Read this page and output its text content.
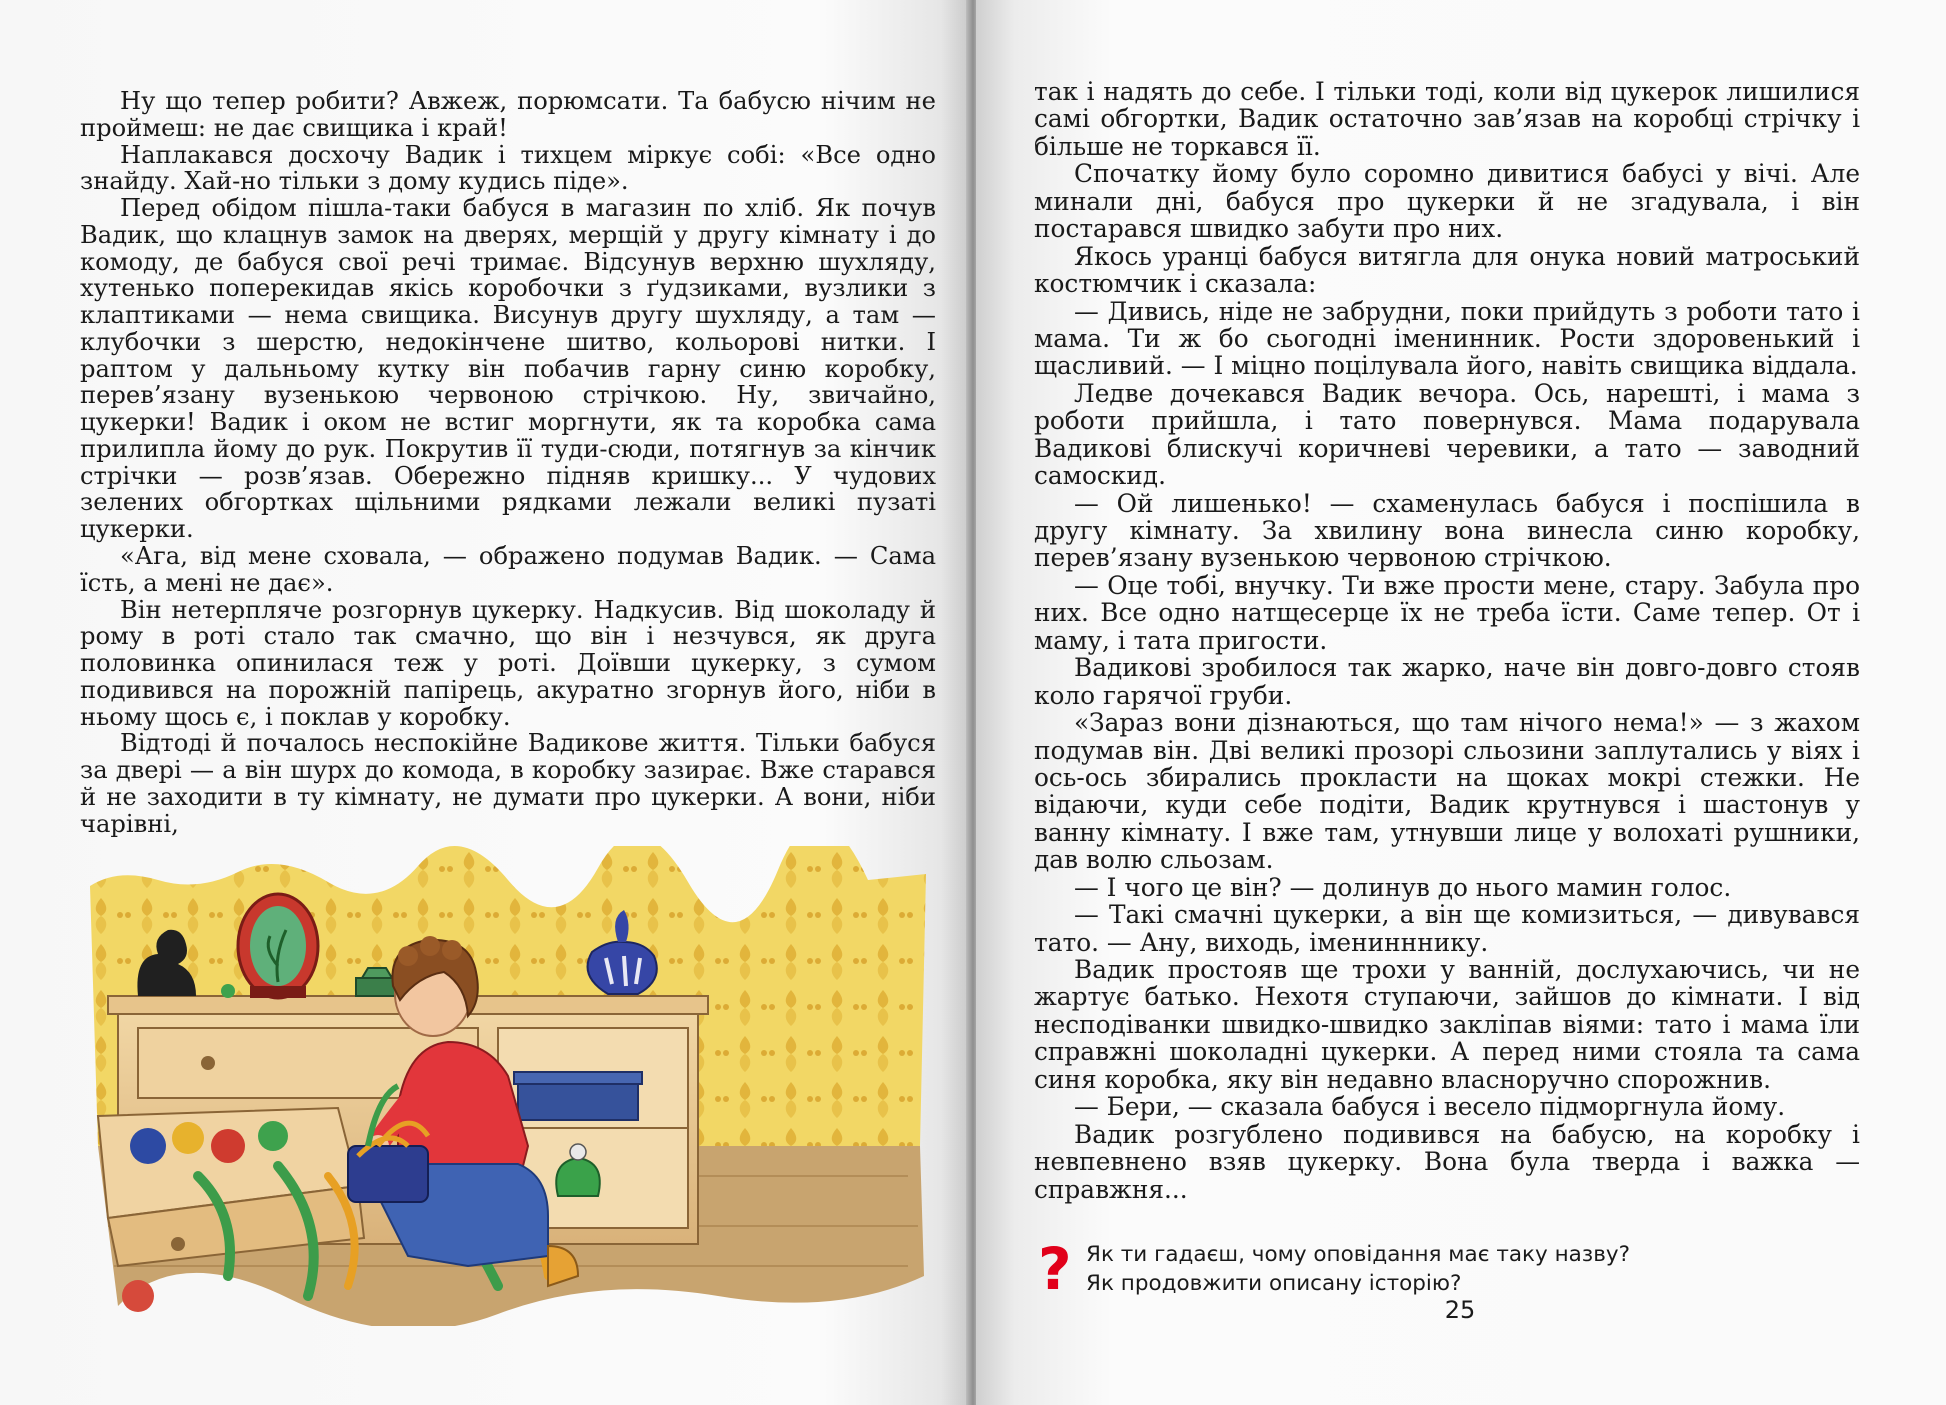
Ну що тепер робити? Авжеж, порюмсати. Та бабусю нічим не проймеш: не дає свищика і край!

Наплакався досхочу Вадик і тихцем міркує собі: «Все одно знайду. Хай-но тільки з дому кудись піде».

Перед обідом пішла-таки бабуся в магазин по хліб. Як почув Вадик, що клацнув замок на дверях, мерщій у другу кімнату і до комоду, де бабуся свої речі тримає. Відсунув верхню шухляду, хутенько поперекидав якісь коробочки з ґудзиками, вузлики з клаптиками — нема свищика. Висунув другу шухляду, а там — клубочки з шерстю, недокінчене шитво, кольорові нитки. І раптом у дальньому кутку він побачив гарну синю коробку, перев’язану вузенькою червоною стрічкою. Ну, звичайно, цукерки! Вадик і оком не встиг моргнути, як та коробка сама прилипла йому до рук. Покрутив її туди-сюди, потягнув за кінчик стрічки — розв’язав. Обережно підняв кришку... У чудових зелених обгортках щільними рядками лежали великі пузаті цукерки.

«Ага, від мене сховала, — ображено подумав Вадик. — Сама їсть, а мені не дає».

Він нетерпляче розгорнув цукерку. Надкусив. Від шоколаду й рому в роті стало так смачно, що він і незчувся, як друга половинка опинилася теж у роті. Доївши цукерку, з сумом подивився на порожній папірець, акуратно згорнув його, ніби в ньому щось є, і поклав у коробку.

Відтоді й почалось неспокійне Вадикове життя. Тільки бабуся за двері — а він шурх до комода, в коробку зазирає. Вже старався й не заходити в ту кімнату, не думати про цукерки. А вони, ніби чарівні,

так і надять до себе. І тільки тоді, коли від цукерок лишилися самі обгортки, Вадик остаточно зав’язав на коробці стрічку і більше не торкався її.

Спочатку йому було соромно дивитися бабусі у вічі. Але минали дні, бабуся про цукерки й не згадувала, і він постарався швидко забути про них.

Якось уранці бабуся витягла для онука новий матроський костюмчик і сказала:

— Дивись, ніде не забрудни, поки прийдуть з роботи тато і мама. Ти ж бо сьогодні іменинник. Рости здоровенький і щасливий. — І міцно поцілувала його, навіть свищика віддала.

Ледве дочекався Вадик вечора. Ось, нарешті, і мама з роботи прийшла, і тато повернувся. Мама подарувала Вадикові блискучі коричневі черевики, а тато — заводний самоскид.

— Ой лишенько! — схаменулась бабуся і поспішила в другу кімнату. За хвилину вона винесла синю коробку, перев’язану вузенькою червоною стрічкою.

— Оце тобі, внучку. Ти вже прости мене, стару. Забула про них. Все одно натщесерце їх не треба їсти. Саме тепер. От і маму, і тата пригости.

Вадикові зробилося так жарко, наче він довго-довго стояв коло гарячої груби.

«Зараз вони дізнаються, що там нічого нема!» — з жахом подумав він. Дві великі прозорі сльозини заплутались у віях і ось-ось збирались прокласти на щоках мокрі стежки. Не відаючи, куди себе подіти, Вадик крутнувся і шастонув у ванну кімнату. І вже там, утнувши лице у волохаті рушники, дав волю сльозам.

— І чого це він? — долинув до нього мамин голос.

— Такі смачні цукерки, а він ще комизиться, — дивувався тато. — Ану, виходь, іменинннику.

Вадик простояв ще трохи у ванній, дослухаючись, чи не жартує батько. Нехотя ступаючи, зайшов до кімнати. І від несподіванки швидко-швидко закліпав віями: тато і мама їли справжні шоколадні цукерки. А перед ними стояла та сама синя коробка, яку він недавно власноручно спорожнив.

— Бери, — сказала бабуся і весело підморгнула йому.

Вадик розгублено подивився на бабусю, на коробку і невпевнено взяв цукерку. Вона була тверда і важка — справжня...

? Як ти гадаєш, чому оповідання має таку назву?
Як продовжити описану історію?
25
